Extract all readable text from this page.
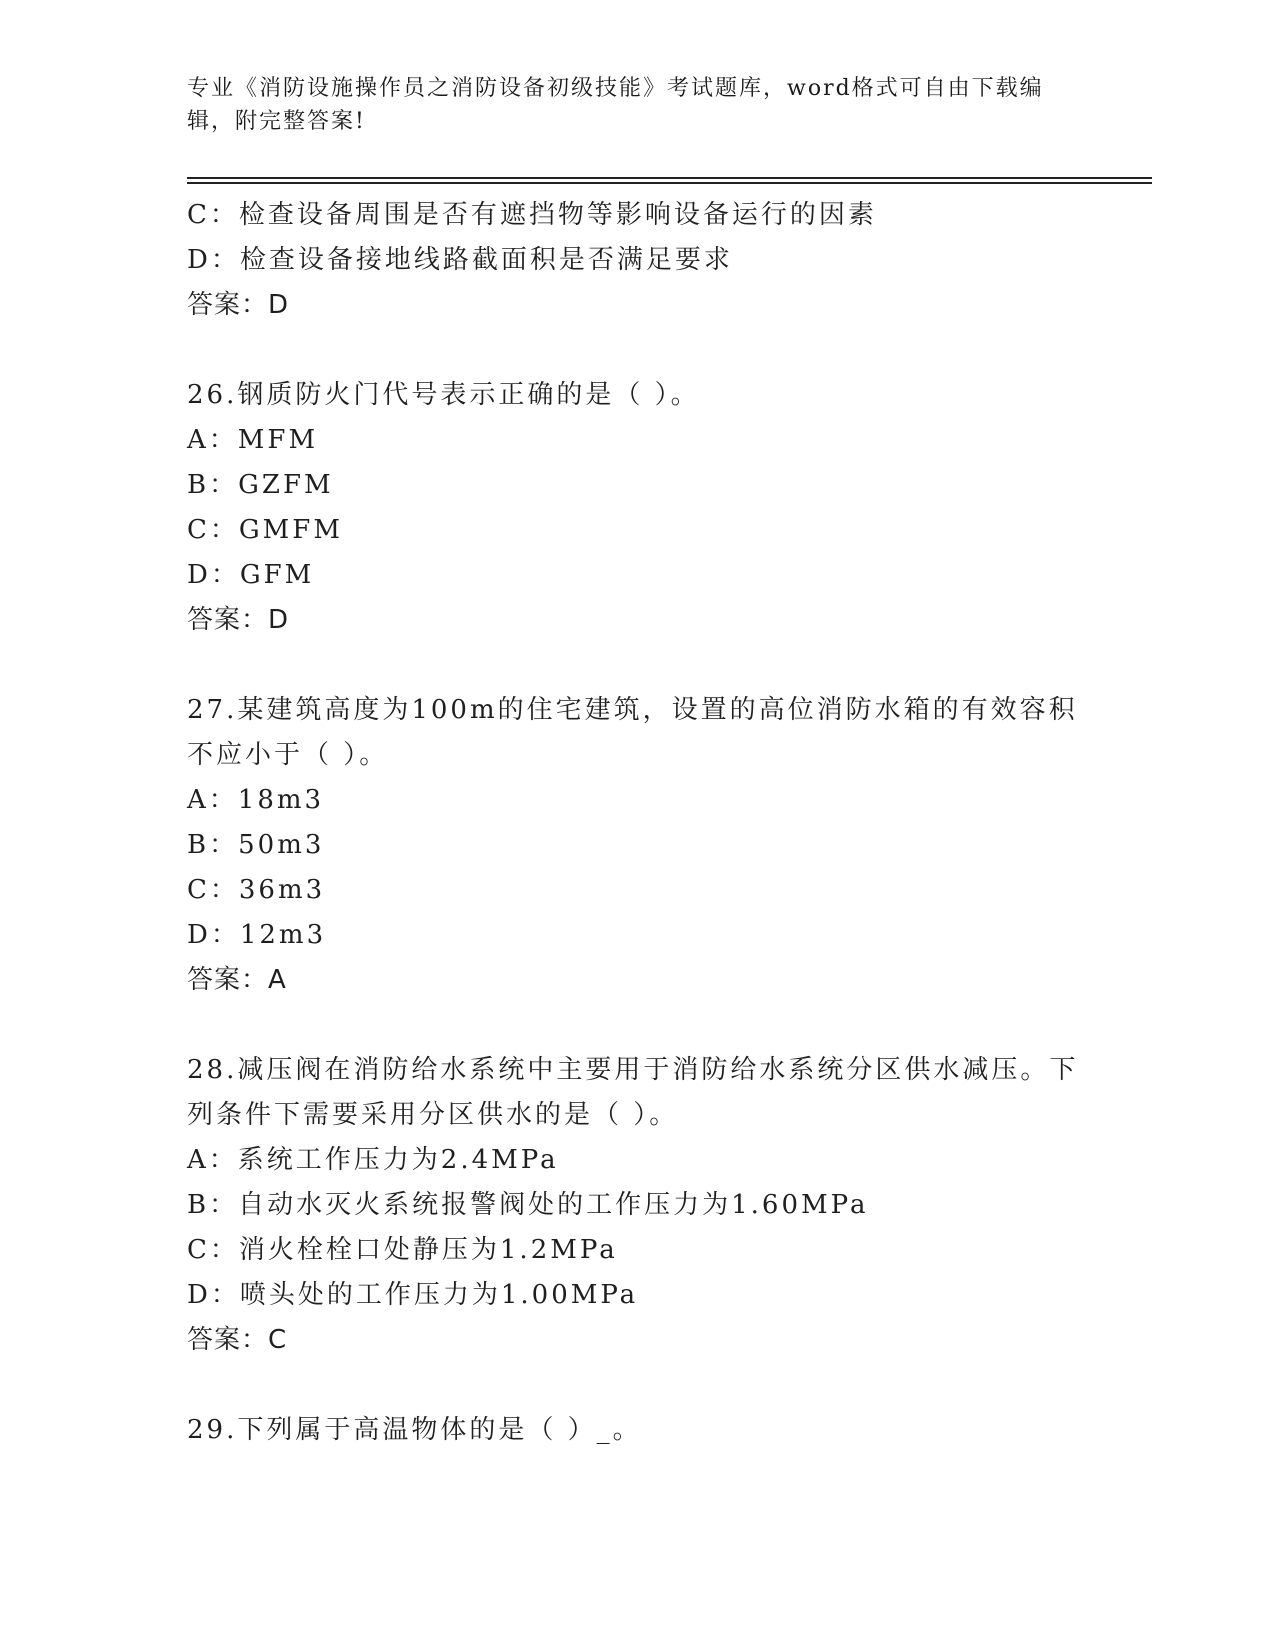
专业《消防设施操作员之消防设备初级技能》考试题库，word格式可自由下载编辑，附完整答案!
C：检查设备周围是否有遮挡物等影响设备运行的因素
D：检查设备接地线路截面积是否满足要求
答案：D
26.钢质防火门代号表示正确的是（ ）。
A：MFM
B：GZFM
C：GMFM
D：GFM
答案：D
27.某建筑高度为100m的住宅建筑，设置的高位消防水箱的有效容积
不应小于（ ）。
A：18m3
B：50m3
C：36m3
D：12m3
答案：A
28.减压阀在消防给水系统中主要用于消防给水系统分区供水减压。下
列条件下需要采用分区供水的是（ ）。
A：系统工作压力为2.4MPa
B：自动水灭火系统报警阀处的工作压力为1.60MPa
C：消火栓栓口处静压为1.2MPa
D：喷头处的工作压力为1.00MPa
答案：C
29.下列属于高温物体的是（ ）_。
